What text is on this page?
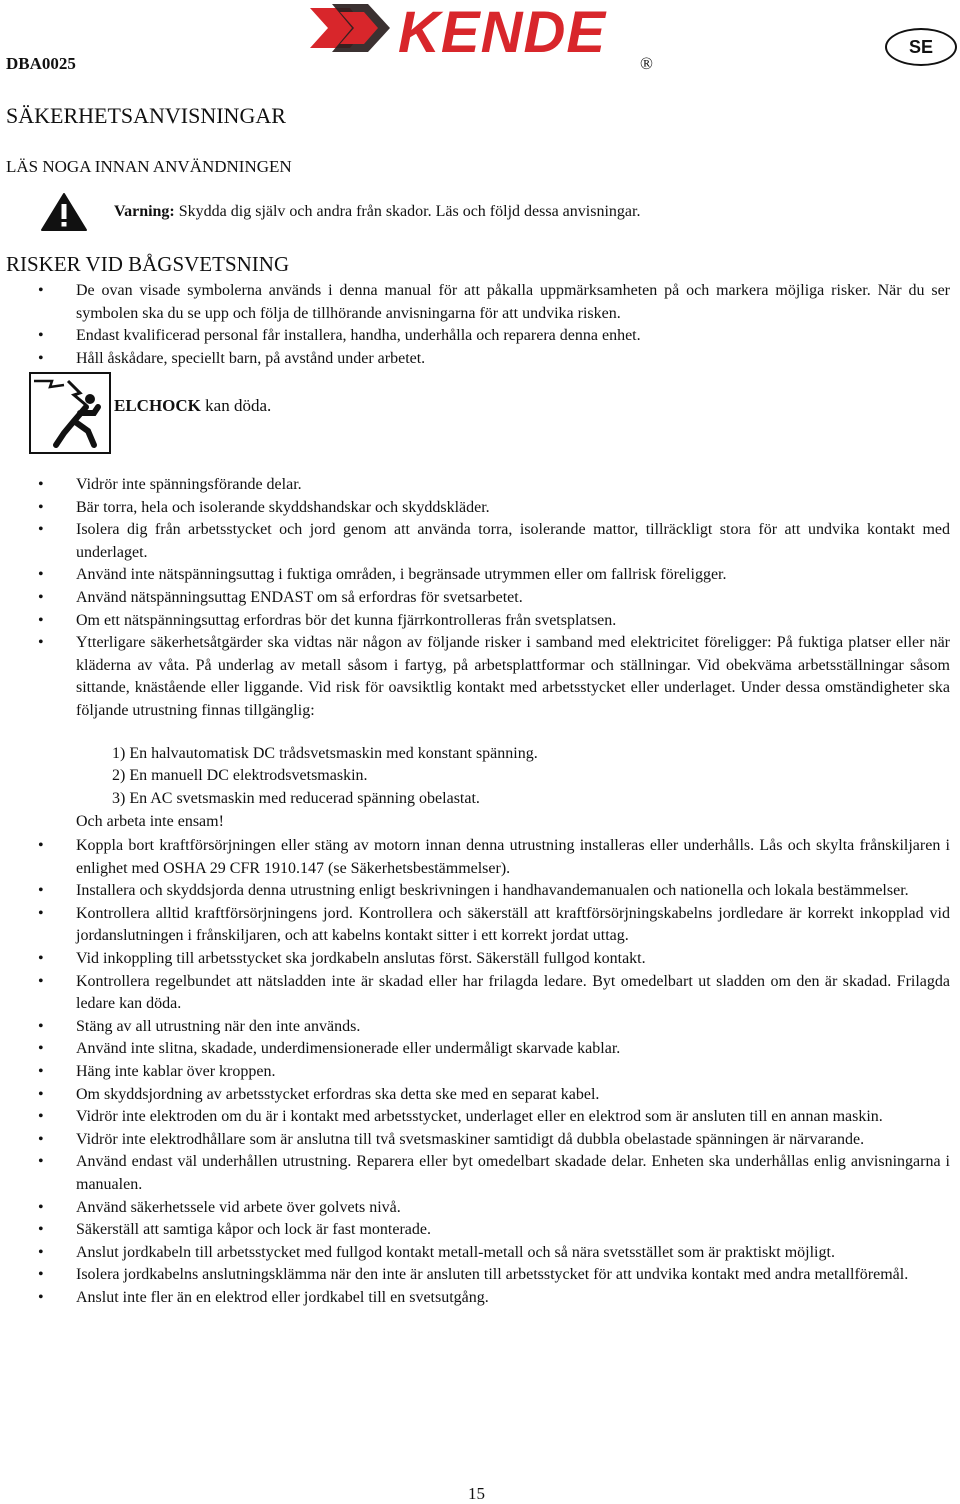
DBA0025	KENDE ®
SE
SÄKERHETSANVISNINGAR
LÄS NOGA INNAN ANVÄNDNINGEN
Varning: Skydda dig själv och andra från skador. Läs och följd dessa anvisningar.
RISKER VID BÅGSVETSNING
• De ovan visade symbolerna används i denna manual för att påkalla uppmärksamheten på och markera möjliga risker. När du ser symbolen ska du se upp och följa de tillhörande anvisningarna för att undvika risken.
• Endast kvalificerad personal får installera, handha, underhålla och reparera denna enhet.
• Håll åskådare, speciellt barn, på avstånd under arbetet.
ELCHOCK kan döda.
• Vidrör inte spänningsförande delar.
• Bär torra, hela och isolerande skyddshandskar och skyddskläder.
• Isolera dig från arbetsstycket och jord genom att använda torra, isolerande mattor, tillräckligt stora för att undvika kontakt med underlaget.
• Använd inte nätspänningsuttag i fuktiga områden, i begränsade utrymmen eller om fallrisk föreligger.
• Använd nätspänningsuttag ENDAST om så erfordras för svetsarbetet.
• Om ett nätspänningsuttag erfordras bör det kunna fjärrkontrolleras från svetsplatsen.
• Ytterligare säkerhetsåtgärder ska vidtas när någon av följande risker i samband med elektricitet föreligger: På fuktiga platser eller när kläderna av våta. På underlag av metall såsom i fartyg, på arbetsplattformar och ställningar. Vid obekväma arbetsställningar såsom sittande, knästående eller liggande. Vid risk för oavsiktlig kontakt med arbetsstycket eller underlaget. Under dessa omständigheter ska följande utrustning finnas tillgänglig:
1) En halvautomatisk DC trådsvetsmaskin med konstant spänning.
2) En manuell DC elektrodsvetsmaskin.
3) En AC svetsmaskin med reducerad spänning obelastat.
Och arbeta inte ensam!
• Koppla bort kraftförsörjningen eller stäng av motorn innan denna utrustning installeras eller underhålls. Lås och skylta frånskiljaren i enlighet med OSHA 29 CFR 1910.147 (se Säkerhetsbestämmelser).
• Installera och skyddsjorda denna utrustning enligt beskrivningen i handhavandemanualen och nationella och lokala bestämmelser.
• Kontrollera alltid kraftförsörjningens jord. Kontrollera och säkerställ att kraftförsörjningskabelns jordledare är korrekt inkopplad vid jordanslutningen i frånskiljaren, och att kabelns kontakt sitter i ett korrekt jordat uttag.
• Vid inkoppling till arbetsstycket ska jordkabeln anslutas först. Säkerställ fullgod kontakt.
• Kontrollera regelbundet att nätsladden inte är skadad eller har frilagda ledare. Byt omedelbart ut sladden om den är skadad. Frilagda ledare kan döda.
• Stäng av all utrustning när den inte används.
• Använd inte slitna, skadade, underdimensionerade eller undermåligt skarvade kablar.
• Häng inte kablar över kroppen.
• Om skyddsjordning av arbetsstycket erfordras ska detta ske med en separat kabel.
• Vidrör inte elektroden om du är i kontakt med arbetsstycket, underlaget eller en elektrod som är ansluten till en annan maskin.
• Vidrör inte elektrodhållare som är anslutna till två svetsmaskiner samtidigt då dubbla obelastade spänningen är närvarande.
• Använd endast väl underhållen utrustning. Reparera eller byt omedelbart skadade delar. Enheten ska underhållas enlig anvisningarna i manualen.
• Använd säkerhetssele vid arbete över golvets nivå.
• Säkerställ att samtiga kåpor och lock är fast monterade.
• Anslut jordkabeln till arbetsstycket med fullgod kontakt metall-metall och så nära svetsstället som är praktiskt möjligt.
• Isolera jordkabelns anslutningsklämma när den inte är ansluten till arbetsstycket för att undvika kontakt med andra metallföremål.
• Anslut inte fler än en elektrod eller jordkabel till en svetsutgång.
15
